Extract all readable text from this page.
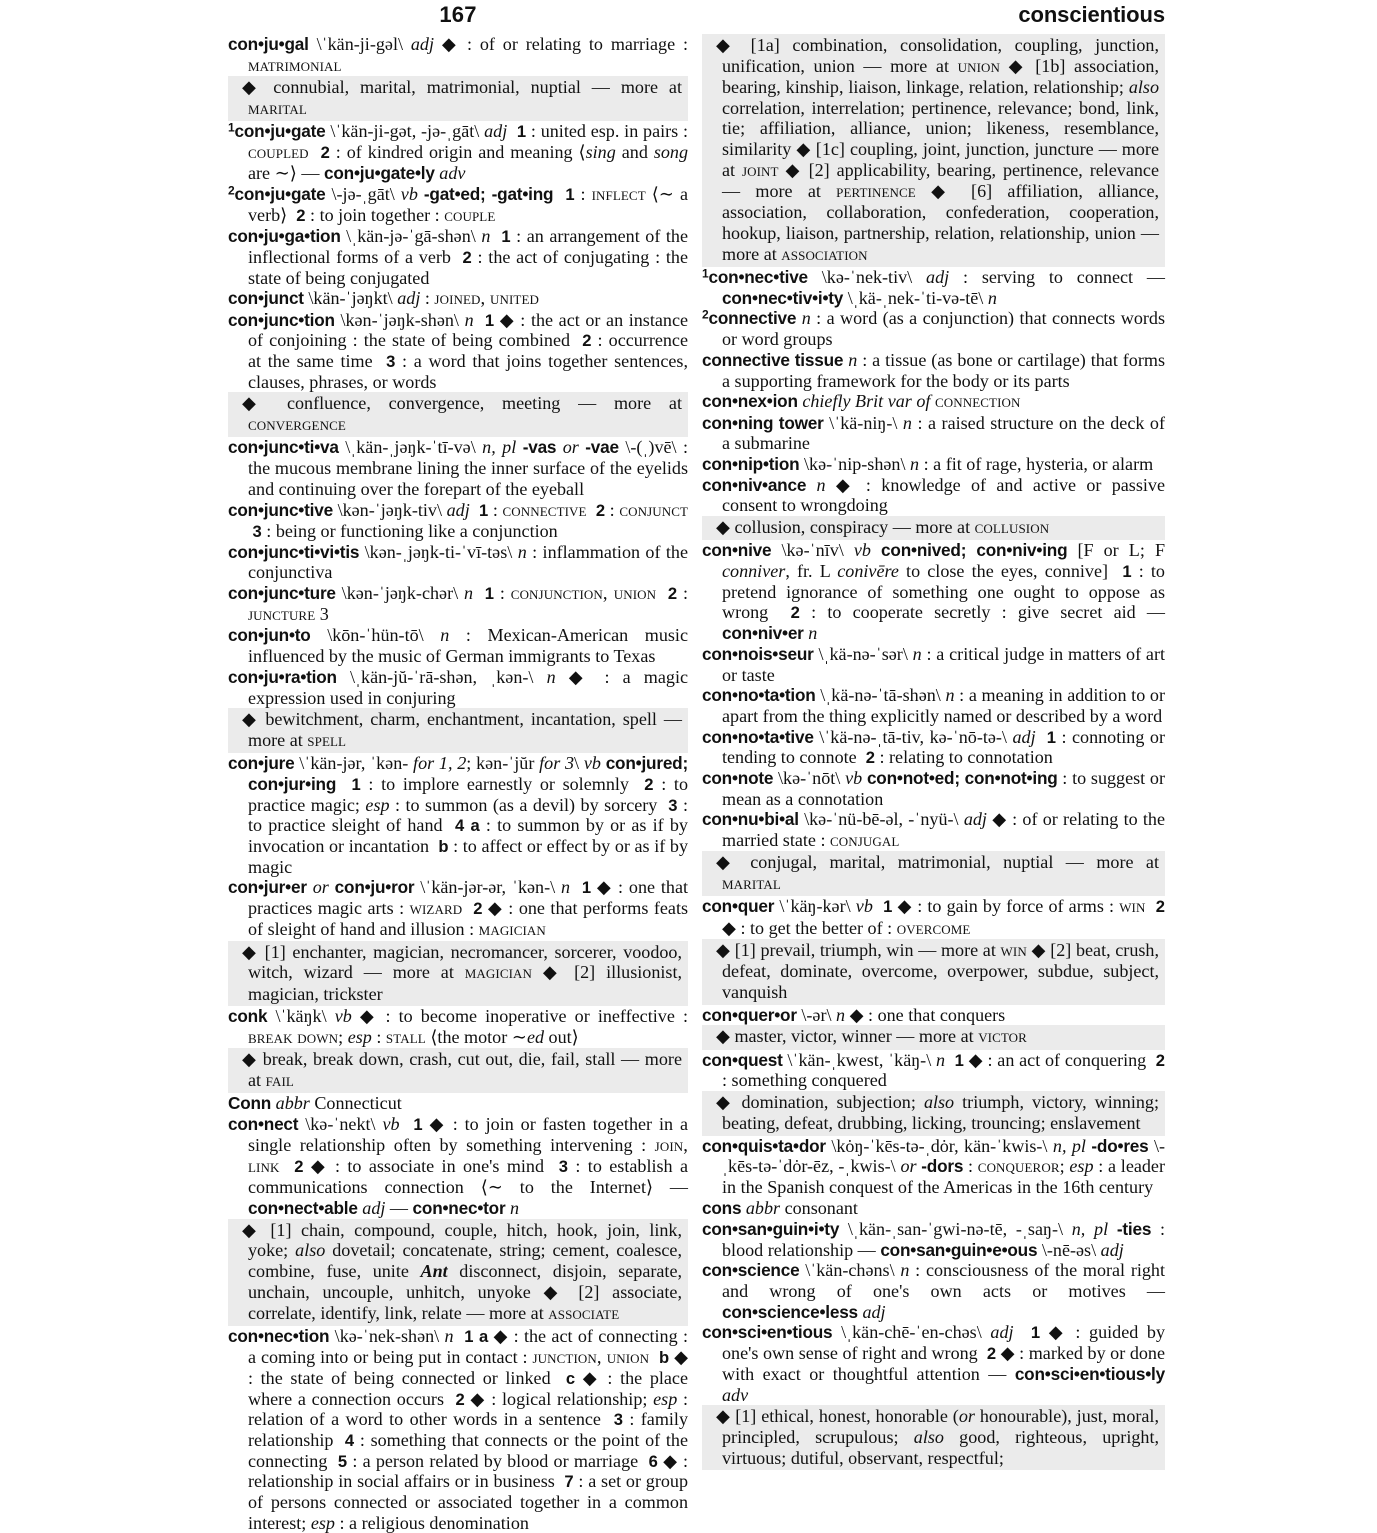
167	conscientious
con•ju•gal \ˈkän-ji-gəl\ adj ◆ : of or relating to marriage : matrimonial
◆ connubial, marital, matrimonial, nuptial — more at marital
$^1$con•ju•gate \ˈkän-ji-gət, -jə-ˌgāt\ adj 1 : united esp. in pairs : coupled 2 : of kindred origin and meaning ⟨sing and song are ∼⟩ — con•ju•gate•ly adv
$^2$con•ju•gate \-jə-ˌgāt\ vb -gat•ed; -gat•ing 1 : inflect ⟨∼ a verb⟩  2 : to join together : couple
con•ju•ga•tion \ˌkän-jə-ˈgā-shən\ n 1 : an arrangement of the inflectional forms of a verb  2 : the act of conjugating : the state of being conjugated
con•junct \kän-ˈjəŋkt\ adj : joined, united
con•junc•tion \kən-ˈjəŋk-shən\ n 1 ◆ : the act or an instance of conjoining : the state of being combined  2 : occurrence at the same time  3 : a word that joins together sentences, clauses, phrases, or words
◆ confluence, convergence, meeting — more at convergence
con•junc•ti•va \ˌkän-ˌjəŋk-ˈtī-və\ n, pl -vas or -vae \-(ˌ)vē\ : the mucous membrane lining the inner surface of the eyelids and continuing over the forepart of the eyeball
con•junc•tive \kən-ˈjəŋk-tiv\ adj 1 : connective 2 : conjunct  3 : being or functioning like a conjunction
con•junc•ti•vi•tis \kən-ˌjəŋk-ti-ˈvī-təs\ n : inflammation of the conjunctiva
con•junc•ture \kən-ˈjəŋk-chər\ n 1 : conjunction, union 2 : juncture 3
con•jun•to \kōn-ˈhün-tō\ n : Mexican-American music influenced by the music of German immigrants to Texas
con•ju•ra•tion \ˌkän-jŭ-ˈrā-shən, ˌkən-\ n ◆ : a magic expression used in conjuring
◆ bewitchment, charm, enchantment, incantation, spell — more at spell
con•jure \ˈkän-jər, ˈkən- for 1, 2; kən-ˈjŭr for 3\ vb con•jured; con•jur•ing 1 : to implore earnestly or solemnly  2 : to practice magic; esp : to summon (as a devil) by sorcery  3 : to practice sleight of hand  4 a : to summon by or as if by invocation or incantation  b : to affect or effect by or as if by magic
con•jur•er or con•ju•ror \ˈkän-jər-ər, ˈkən-\ n 1 ◆ : one that practices magic arts : wizard 2 ◆ : one that performs feats of sleight of hand and illusion : magician
◆ [1] enchanter, magician, necromancer, sorcerer, voodoo, witch, wizard — more at magician ◆ [2] illusionist, magician, trickster
conk \ˈkäŋk\ vb ◆ : to become inoperative or ineffective : break down; esp : stall ⟨the motor ∼ed out⟩
◆ break, break down, crash, cut out, die, fail, stall — more at fail
Conn abbr Connecticut
con•nect \kə-ˈnekt\ vb 1 ◆ : to join or fasten together in a single relationship often by something intervening : join, link 2 ◆ : to associate in one's mind  3 : to establish a communications connection ⟨∼ to the Internet⟩ — con•nect•able adj — con•nec•tor n
◆ [1] chain, compound, couple, hitch, hook, join, link, yoke; also dovetail; concatenate, string; cement, coalesce, combine, fuse, unite Ant disconnect, disjoin, separate, unchain, uncouple, unhitch, unyoke ◆ [2] associate, correlate, identify, link, relate — more at associate
con•nec•tion \kə-ˈnek-shən\ n 1 a ◆ : the act of connecting : a coming into or being put in contact : junction, union b ◆ : the state of being connected or linked  c ◆ : the place where a connection occurs  2 ◆ : logical relationship; esp : relation of a word to other words in a sentence  3 : family relationship  4 : something that connects or the point of the connecting  5 : a person related by blood or marriage  6 ◆ : relationship in social affairs or in business  7 : a set or group of persons connected or associated together in a common interest; esp : a religious denomination
◆ [1a] combination, consolidation, coupling, junction, unification, union — more at union ◆ [1b] association, bearing, kinship, liaison, linkage, relation, relationship; also correlation, interrelation; pertinence, relevance; bond, link, tie; affiliation, alliance, union; likeness, resemblance, similarity ◆ [1c] coupling, joint, junction, juncture — more at joint ◆ [2] applicability, bearing, pertinence, relevance — more at pertinence ◆ [6] affiliation, alliance, association, collaboration, confederation, cooperation, hookup, liaison, partnership, relation, relationship, union — more at association
$^1$con•nec•tive \kə-ˈnek-tiv\ adj : serving to connect — con•nec•tiv•i•ty \ˌkä-ˌnek-ˈti-və-tē\ n
$^2$connective n : a word (as a conjunction) that connects words or word groups
connective tissue n : a tissue (as bone or cartilage) that forms a supporting framework for the body or its parts
con•nex•ion chiefly Brit var of connection
con•ning tower \ˈkä-niŋ-\ n : a raised structure on the deck of a submarine
con•nip•tion \kə-ˈnip-shən\ n : a fit of rage, hysteria, or alarm
con•niv•ance n ◆ : knowledge of and active or passive consent to wrongdoing
◆ collusion, conspiracy — more at collusion
con•nive \kə-ˈnīv\ vb con•nived; con•niv•ing [F or L; F conniver, fr. L conivēre to close the eyes, connive]  1 : to pretend ignorance of something one ought to oppose as wrong  2 : to cooperate secretly : give secret aid — con•niv•er n
con•nois•seur \ˌkä-nə-ˈsər\ n : a critical judge in matters of art or taste
con•no•ta•tion \ˌkä-nə-ˈtā-shən\ n : a meaning in addition to or apart from the thing explicitly named or described by a word
con•no•ta•tive \ˈkä-nə-ˌtā-tiv, kə-ˈnō-tə-\ adj 1 : connoting or tending to connote  2 : relating to connotation
con•note \kə-ˈnōt\ vb con•not•ed; con•not•ing : to suggest or mean as a connotation
con•nu•bi•al \kə-ˈnü-bē-əl, -ˈnyü-\ adj ◆ : of or relating to the married state : conjugal
◆ conjugal, marital, matrimonial, nuptial — more at marital
con•quer \ˈkäŋ-kər\ vb 1 ◆ : to gain by force of arms : win 2 ◆ : to get the better of : overcome
◆ [1] prevail, triumph, win — more at win ◆ [2] beat, crush, defeat, dominate, overcome, overpower, subdue, subject, vanquish
con•quer•or \-ər\ n ◆ : one that conquers
◆ master, victor, winner — more at victor
con•quest \ˈkän-ˌkwest, ˈkäŋ-\ n 1 ◆ : an act of conquering  2 : something conquered
◆ domination, subjection; also triumph, victory, winning; beating, defeat, drubbing, licking, trouncing; enslavement
con•quis•ta•dor \kȯŋ-ˈkēs-tə-ˌdȯr, kän-ˈkwis-\ n, pl -do•res \-ˌkēs-tə-ˈdȯr-ēz, -ˌkwis-\ or -dors : conqueror; esp : a leader in the Spanish conquest of the Americas in the 16th century
cons abbr consonant
con•san•guin•i•ty \ˌkän-ˌsan-ˈgwi-nə-tē, -ˌsaŋ-\ n, pl -ties : blood relationship — con•san•guin•e•ous \-nē-əs\ adj
con•science \ˈkän-chəns\ n : consciousness of the moral right and wrong of one's own acts or motives — con•science•less adj
con•sci•en•tious \ˌkän-chē-ˈen-chəs\ adj 1 ◆ : guided by one's own sense of right and wrong  2 ◆ : marked by or done with exact or thoughtful attention — con•sci•en•tious•ly adv
◆ [1] ethical, honest, honorable (or honourable), just, moral, principled, scrupulous; also good, righteous, upright, virtuous; dutiful, observant, respectful;
